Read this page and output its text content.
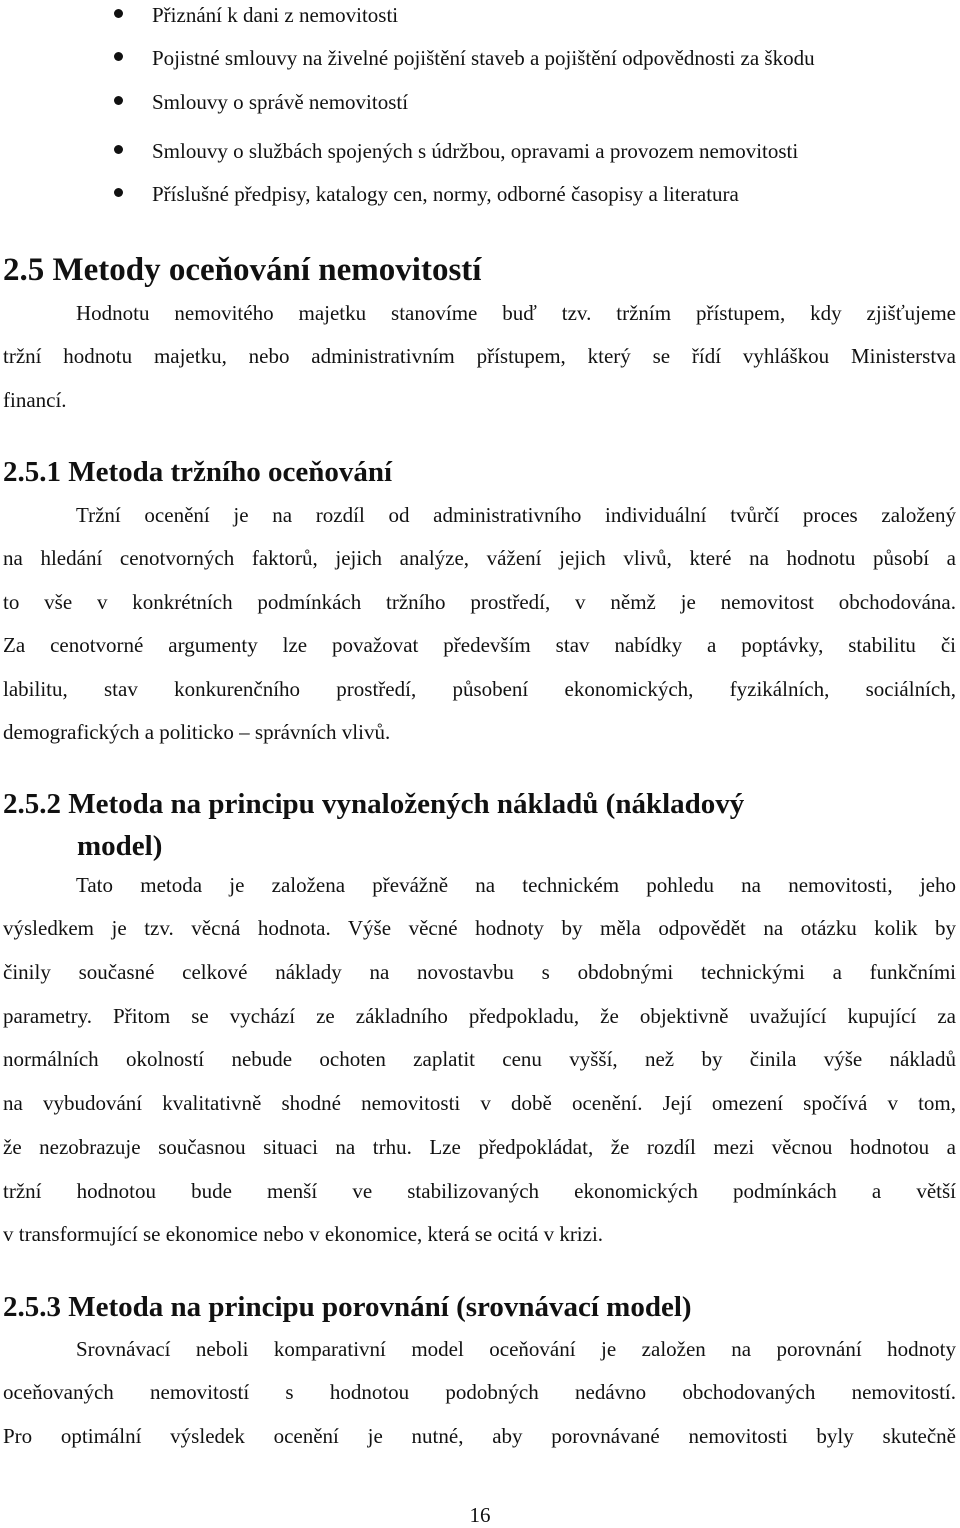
Přiznání k dani z nemovitosti
Pojistné smlouvy na živelné pojištění staveb a pojištění odpovědnosti za škodu
Smlouvy o správě nemovitostí
Smlouvy o službách spojených s údržbou, opravami a provozem nemovitosti
Příslušné předpisy, katalogy cen, normy, odborné časopisy a literatura
2.5 Metody oceňování nemovitostí
Hodnotu nemovitého majetku stanovíme buď tzv. tržním přístupem, kdy zjišťujeme
tržní hodnotu majetku, nebo administrativním přístupem, který se řídí vyhláškou Ministerstva
financí.
2.5.1 Metoda tržního oceňování
Tržní ocenění je na rozdíl od administrativního individuální tvůrčí proces založený
na hledání cenotvorných faktorů, jejich analýze, vážení jejich vlivů, které na hodnotu působí a
to vše v konkrétních podmínkách tržního prostředí, v němž je nemovitost obchodována.
Za cenotvorné argumenty lze považovat především stav nabídky a poptávky, stabilitu či
labilitu, stav konkurenčního prostředí, působení ekonomických, fyzikálních, sociálních,
demografických a politicko – správních vlivů.
2.5.2 Metoda na principu vynaložených nákladů (nákladový
model)
Tato metoda je založena převážně na technickém pohledu na nemovitosti, jeho
výsledkem je tzv. věcná hodnota. Výše věcné hodnoty by měla odpovědět na otázku kolik by
činily současné celkové náklady na novostavbu s obdobnými technickými a funkčními
parametry. Přitom se vychází ze základního předpokladu, že objektivně uvažující kupující za
normálních okolností nebude ochoten zaplatit cenu vyšší, než by činila výše nákladů
na vybudování kvalitativně shodné nemovitosti v době ocenění. Její omezení spočívá v tom,
že nezobrazuje současnou situaci na trhu. Lze předpokládat, že rozdíl mezi věcnou hodnotou a
tržní hodnotou bude menší ve stabilizovaných ekonomických podmínkách a větší
v transformující se ekonomice nebo v ekonomice, která se ocitá v krizi.
2.5.3 Metoda na principu porovnání (srovnávací model)
Srovnávací neboli komparativní model oceňování je založen na porovnání hodnoty
oceňovaných nemovitostí s hodnotou podobných nedávno obchodovaných nemovitostí.
Pro optimální výsledek ocenění je nutné, aby porovnávané nemovitosti byly skutečně
16
